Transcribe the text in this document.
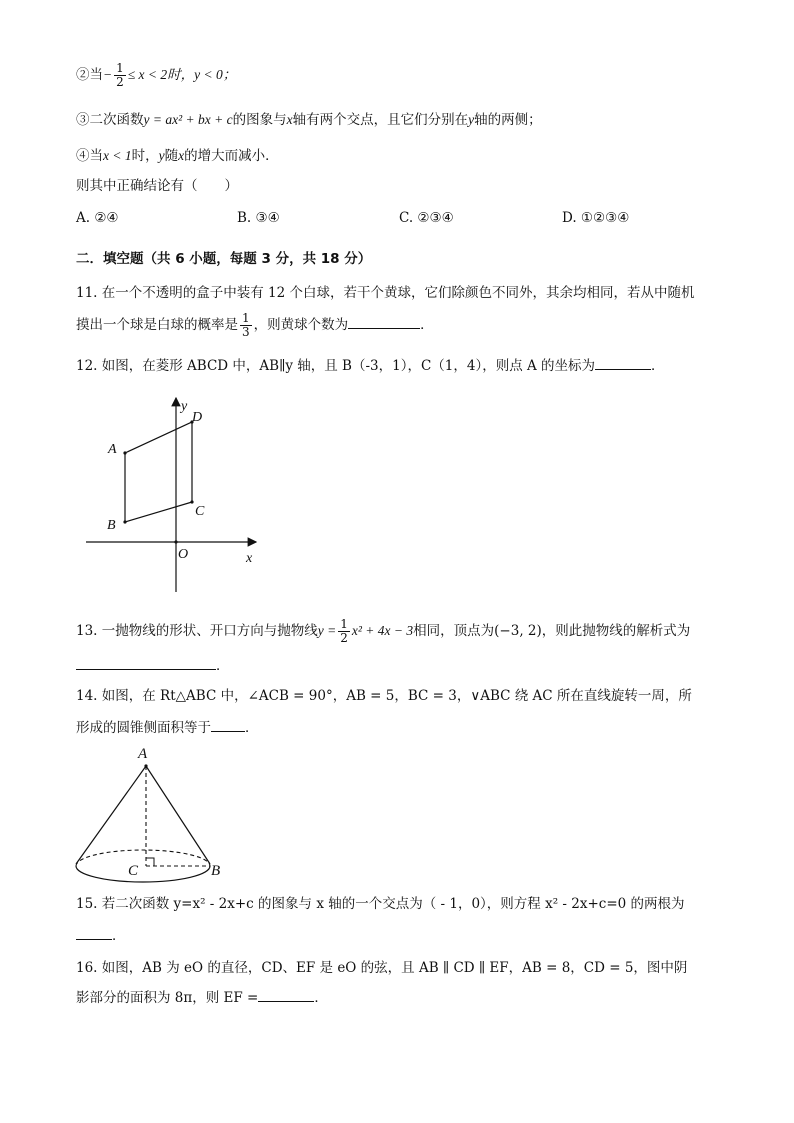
②当− $\frac{1}{2} \le x < 2$时，y < 0；
③二次函数y = ax² + bx + c的图象与x轴有两个交点，且它们分别在y轴的两侧；
④当x < 1时，y随x的增大而减小．
则其中正确结论有（　　）
A. ②④	B. ③④	C. ②③④	D. ①②③④
二．填空题（共 6 小题，每题 3 分，共 18 分）
11. 在一个不透明的盒子中装有 12 个白球，若干个黄球，它们除颜色不同外，其余均相同，若从中随机
摸出一个球是白球的概率是 $\frac{1}{3}$ ，则黄球个数为	．
12. 如图，在菱形 ABCD 中，AB∥y 轴，且 B（-3，1），C（1，4），则点 A 的坐标为	．
y
x
A
B
C
D
O
13. 一抛物线的形状、开口方向与抛物线$y = \frac{1}{2} x^2 + 4x - 3$相同，顶点为(−3, 2)，则此抛物线的解析式为
．
14. 如图，在 Rt△ABC 中，∠ACB = 90°，AB = 5，BC = 3，∨ABC 绕 AC 所在直线旋转一周，所
形成的圆锥侧面积等于	．
A
C	B
15. 若二次函数 y=x² - 2x+c 的图象与 x 轴的一个交点为（ - 1，0），则方程 x² - 2x+c=0 的两根为
．
16. 如图，AB 为 eO 的直径，CD、EF 是 eO 的弦，且 AB ∥ CD ∥ EF，AB = 8，CD = 5，图中阴
影部分的面积为 8π，则 EF =	．
